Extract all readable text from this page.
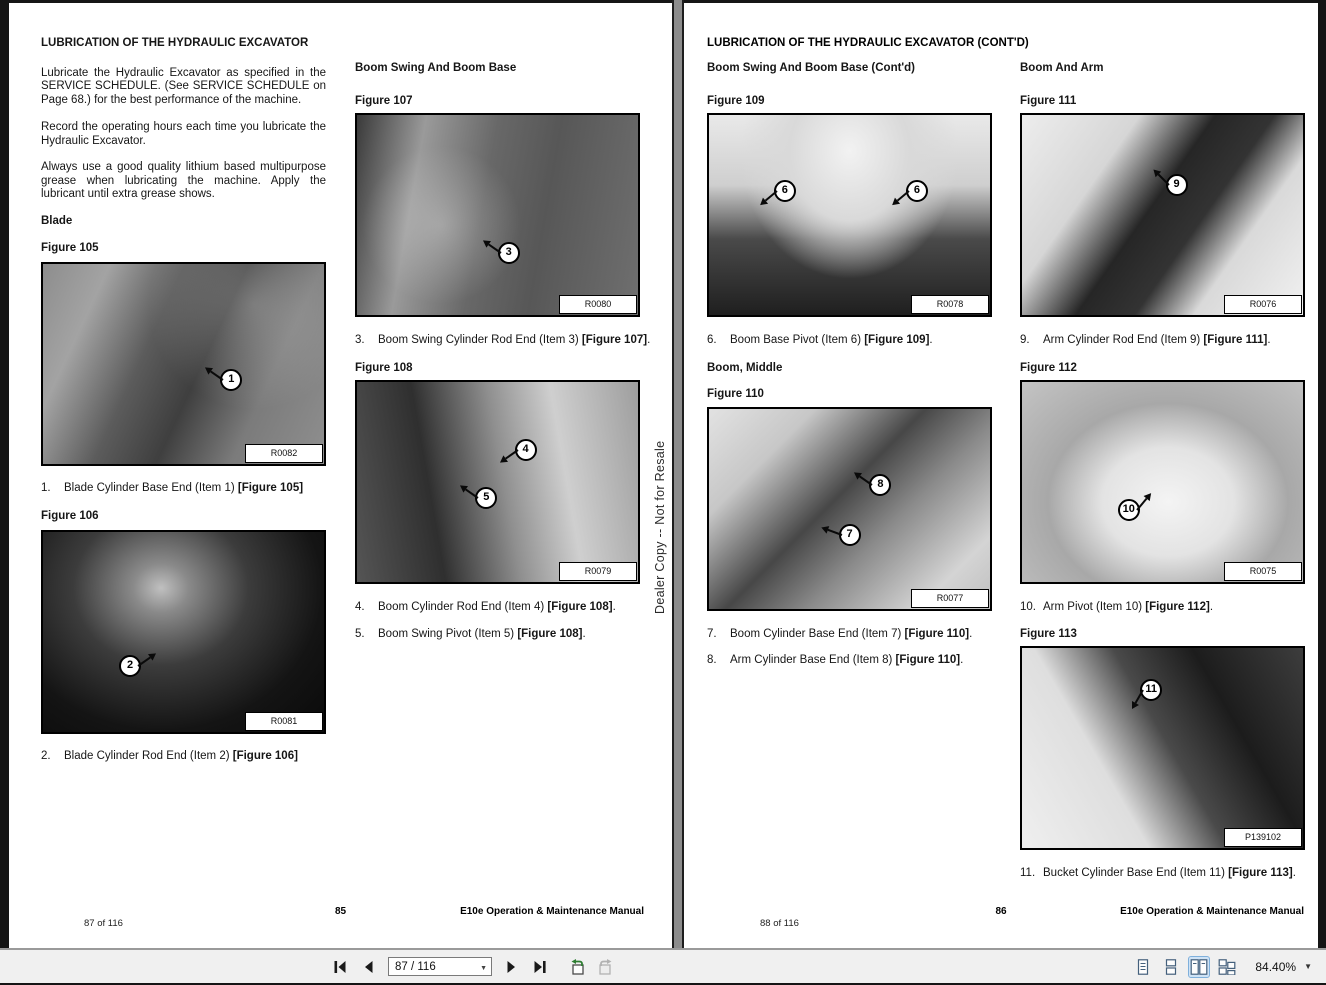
LUBRICATION OF THE HYDRAULIC EXCAVATOR
Lubricate the Hydraulic Excavator as specified in the SERVICE SCHEDULE. (See SERVICE SCHEDULE on Page 68.) for the best performance of the machine.
Record the operating hours each time you lubricate the Hydraulic Excavator.
Always use a good quality lithium based multipurpose grease when lubricating the machine. Apply the lubricant until extra grease shows.
Blade
Figure 105
1
R0082
1. Blade Cylinder Base End (Item 1) [Figure 105]
Figure 106
2
R0081
2. Blade Cylinder Rod End (Item 2) [Figure 106]
Boom Swing And Boom Base
Figure 107
3
R0080
3. Boom Swing Cylinder Rod End (Item 3) [Figure 107].
Figure 108
4
5
R0079
4. Boom Cylinder Rod End (Item 4) [Figure 108].
5. Boom Swing Pivot (Item 5) [Figure 108].
87 of 116
85	E10e Operation & Maintenance Manual
Dealer Copy -- Not for Resale
LUBRICATION OF THE HYDRAULIC EXCAVATOR (CONT'D)
Boom Swing And Boom Base (Cont'd)
Figure 109
6	6
R0078
6. Boom Base Pivot (Item 6) [Figure 109].
Boom, Middle
Figure 110
8
7
R0077
7. Boom Cylinder Base End (Item 7) [Figure 110].
8. Arm Cylinder Base End (Item 8) [Figure 110].
Boom And Arm
Figure 111
9
R0076
9. Arm Cylinder Rod End (Item 9) [Figure 111].
Figure 112
10
R0075
10. Arm Pivot (Item 10) [Figure 112].
Figure 113
11
P139102
11. Bucket Cylinder Base End (Item 11) [Figure 113].
88 of 116
86	E10e Operation & Maintenance Manual
87 / 116	▼	84.40% ▼
